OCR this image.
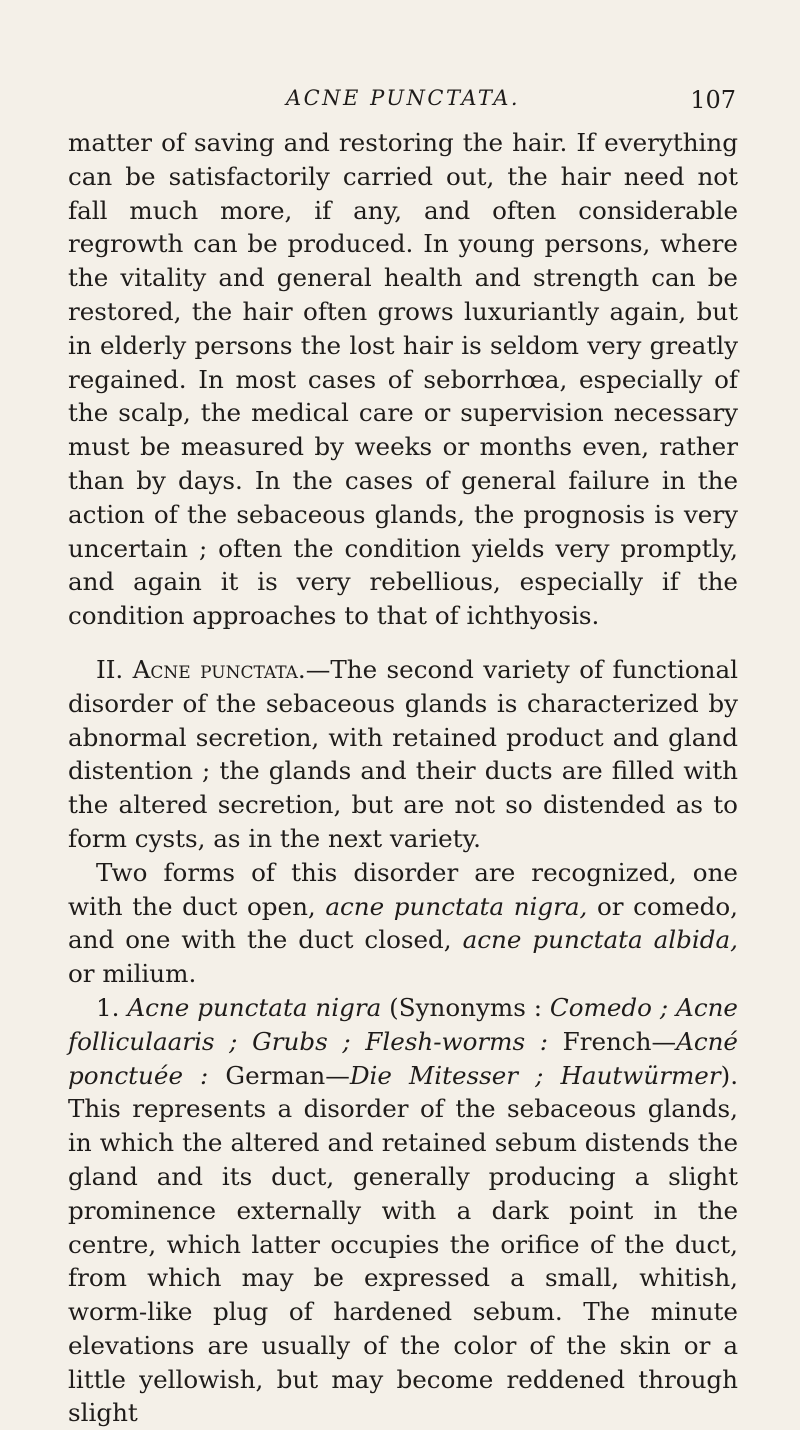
ACNE PUNCTATA.	107

matter of saving and restoring the hair. If everything can be satisfactorily carried out, the hair need not fall much more, if any, and often considerable regrowth can be produced. In young persons, where the vitality and general health and strength can be restored, the hair often grows luxuriantly again, but in elderly persons the lost hair is seldom very greatly regained. In most cases of seborrhœa, especially of the scalp, the medical care or supervision necessary must be measured by weeks or months even, rather than by days. In the cases of general failure in the action of the sebaceous glands, the prognosis is very uncertain ; often the condition yields very promptly, and again it is very rebellious, especially if the condition approaches to that of ichthyosis.

II. Acne punctata.—The second variety of functional disorder of the sebaceous glands is characterized by abnormal secretion, with retained product and gland distention ; the glands and their ducts are filled with the altered secretion, but are not so distended as to form cysts, as in the next variety.

Two forms of this disorder are recognized, one with the duct open, acne punctata nigra, or comedo, and one with the duct closed, acne punctata albida, or milium.

1. Acne punctata nigra (Synonyms : Comedo ; Acne folliculaaris ; Grubs ; Flesh-worms : French—Acné ponctuée : German—Die Mitesser ; Hautwürmer). This represents a disorder of the sebaceous glands, in which the altered and retained sebum distends the gland and its duct, generally producing a slight prominence externally with a dark point in the centre, which latter occupies the orifice of the duct, from which may be expressed a small, whitish, worm-like plug of hardened sebum. The minute elevations are usually of the color of the skin or a little yellowish, but may become reddened through slight
